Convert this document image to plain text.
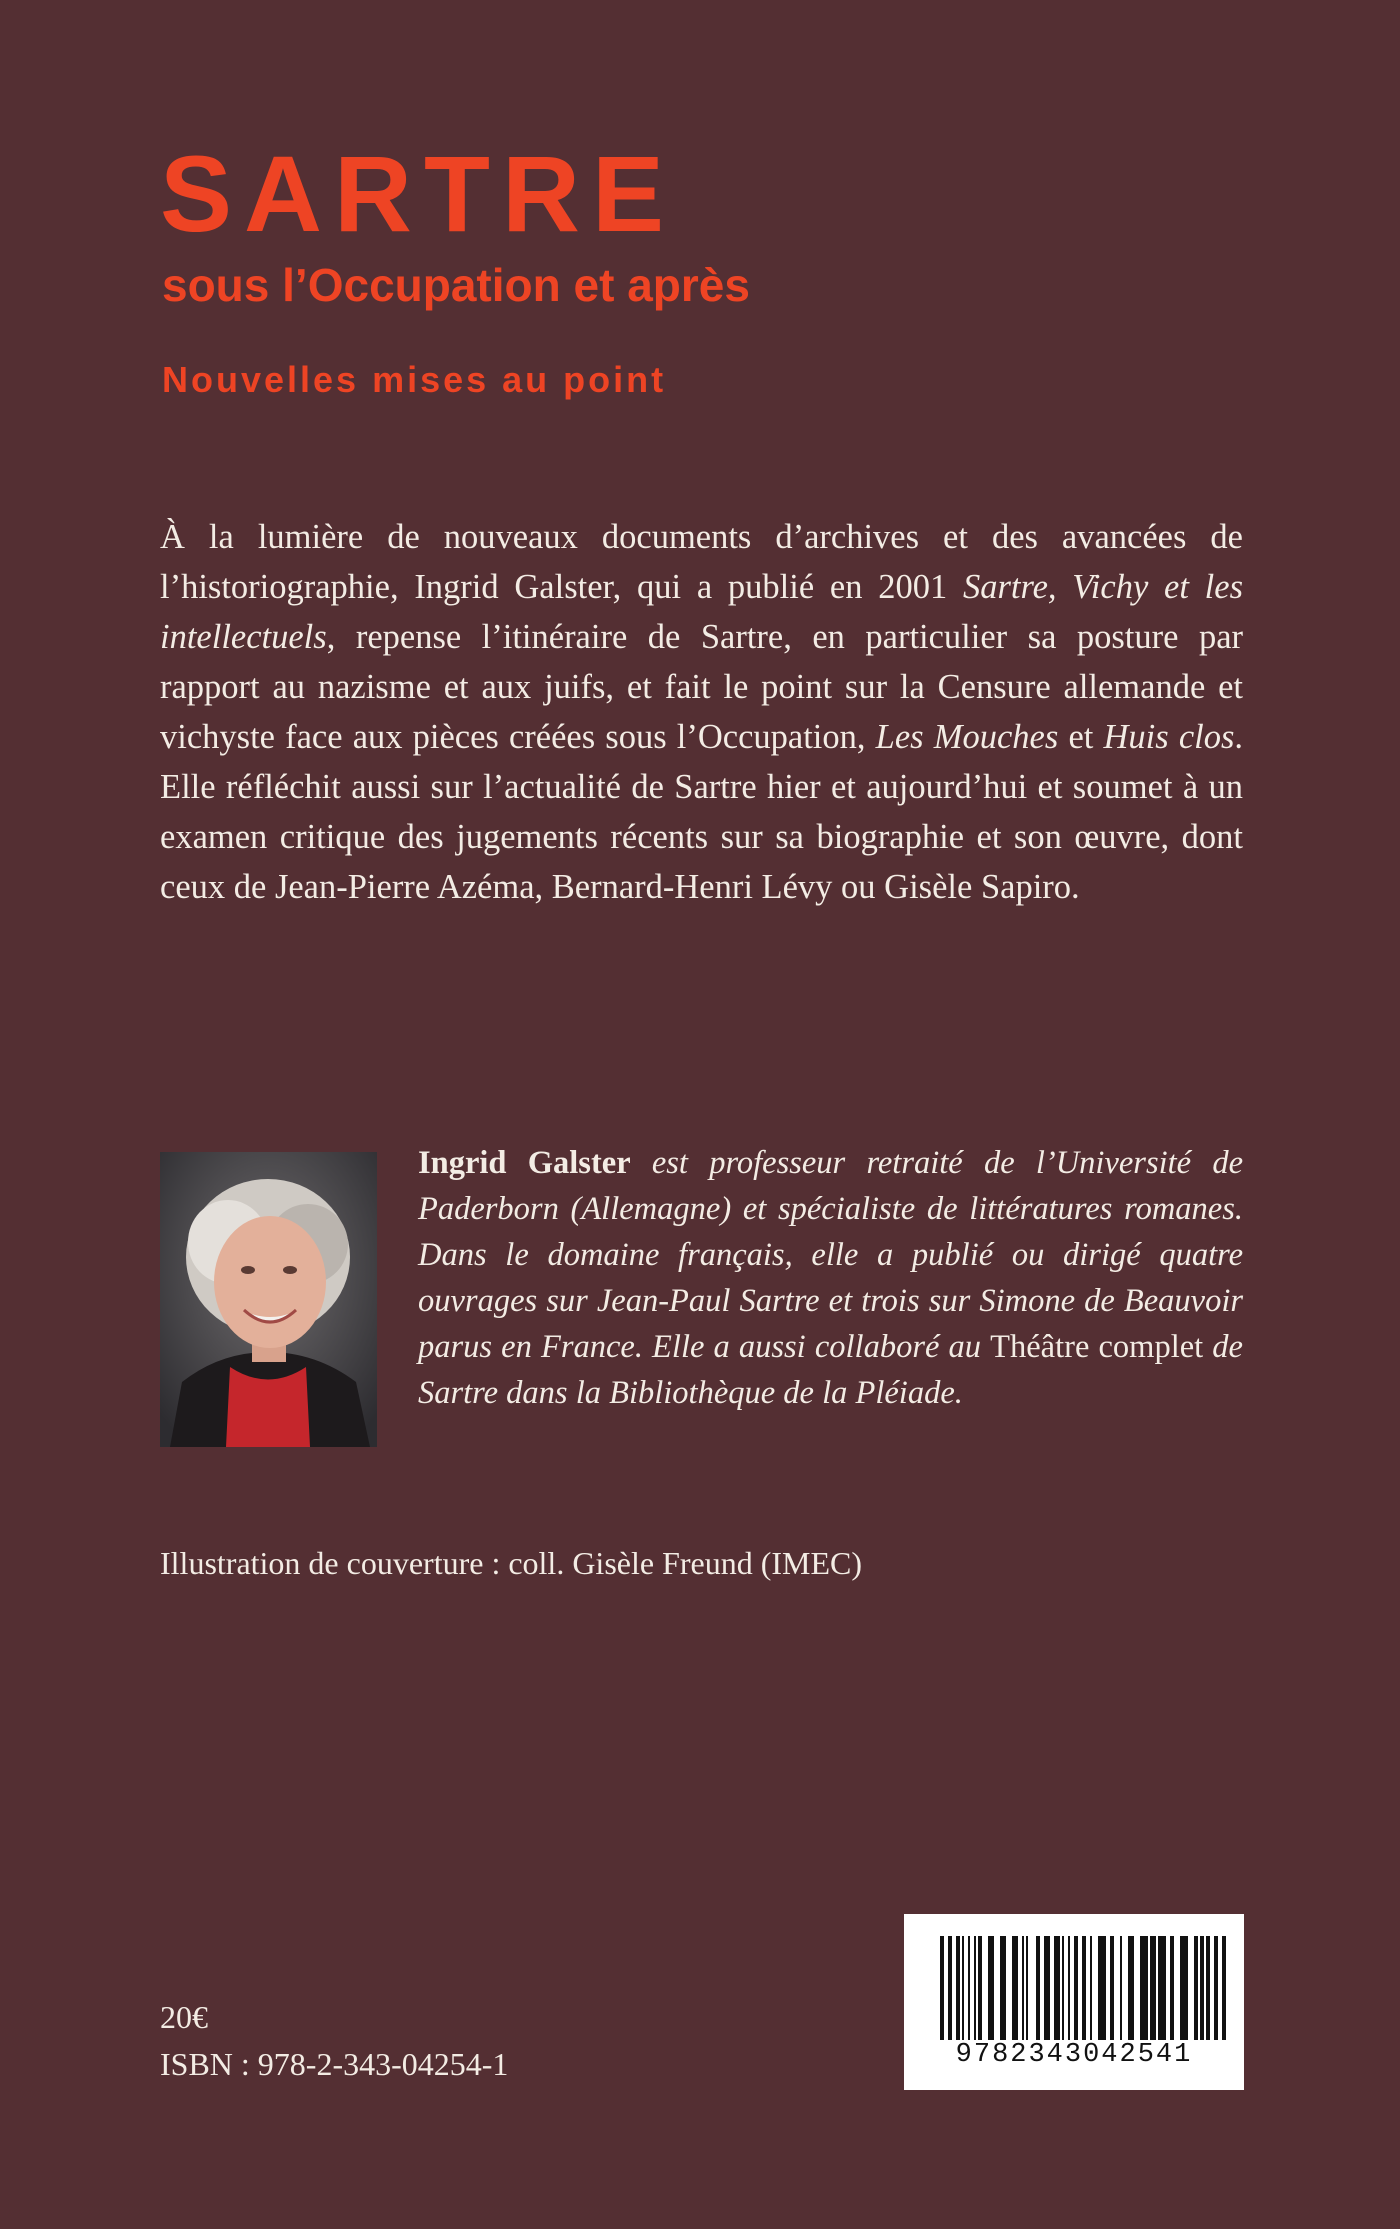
SARTRE
sous l’Occupation et après
Nouvelles mises au point

À la lumière de nouveaux documents d’archives et des avancées de l’historiographie, Ingrid Galster, qui a publié en 2001 Sartre, Vichy et les intellectuels, repense l’itinéraire de Sartre, en particulier sa posture par rapport au nazisme et aux juifs, et fait le point sur la Censure allemande et vichyste face aux pièces créées sous l’Occupation, Les Mouches et Huis clos. Elle réfléchit aussi sur l’actualité de Sartre hier et aujourd’hui et soumet à un examen critique des jugements récents sur sa biographie et son œuvre, dont ceux de Jean-Pierre Azéma, Bernard-Henri Lévy ou Gisèle Sapiro.

Ingrid Galster est professeur retraité de l’Université de Paderborn (Allemagne) et spécialiste de littératures romanes. Dans le domaine français, elle a publié ou dirigé quatre ouvrages sur Jean-Paul Sartre et trois sur Simone de Beauvoir parus en France. Elle a aussi collaboré au Théâtre complet de Sartre dans la Bibliothèque de la Pléiade.

Illustration de couverture : coll. Gisèle Freund (IMEC)

20€

ISBN : 978-2-343-04254-1	9782343042541
